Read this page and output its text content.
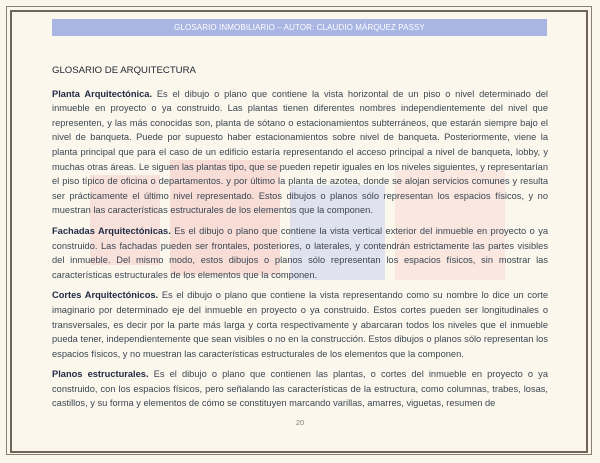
GLOSARIO INMOBILIARIO – AUTOR: CLAUDIO MÁRQUEZ PASSY
GLOSARIO DE ARQUITECTURA

Planta Arquitectónica. Es el dibujo o plano que contiene la vista horizontal de un piso o nivel determinado del inmueble en proyecto o ya construido. Las plantas tienen diferentes nombres independientemente del nivel que representen, y las más conocidas son, planta de sótano o estacionamientos subterráneos, que estarán siempre bajo el nivel de banqueta. Puede por supuesto haber estacionamientos sobre nivel de banqueta. Posteriormente, viene la planta principal que para el caso de un edificio estaría representando el acceso principal a nivel de banqueta, lobby, y muchas otras áreas. Le siguen las plantas tipo, que se pueden repetir iguales en los niveles siguientes, y representarían el piso típico de oficina o departamentos. y por último la planta de azotea, donde se alojan servicios comunes y resulta ser prácticamente el último nivel representado. Estos dibujos o planos sólo representan los espacios físicos, y no muestran las características estructurales de los elementos que la componen.

Fachadas Arquitectónicas. Es el dibujo o plano que contiene la vista vertical exterior del inmueble en proyecto o ya construido. Las fachadas pueden ser frontales, posteriores, o laterales, y contendrán estrictamente las partes visibles del inmueble. Del mismo modo, estos dibujos o planos sólo representan los espacios físicos, sin mostrar las características estructurales de los elementos que la componen.

Cortes Arquitectónicos. Es el dibujo o plano que contiene la vista representando como su nombre lo dice un corte imaginario por determinado eje del inmueble en proyecto o ya construido. Estos cortes pueden ser longitudinales o transversales, es decir por la parte más larga y corta respectivamente y abarcaran todos los niveles que el inmueble pueda tener, independientemente que sean visibles o no en la construcción. Estos dibujos o planos sólo representan los espacios físicos, y no muestran las características estructurales de los elementos que la componen.

Planos estructurales. Es el dibujo o plano que contienen las plantas, o cortes del inmueble en proyecto o ya construido, con los espacios físicos, pero señalando las características de la estructura, como columnas, trabes, losas, castillos, y su forma y elementos de cómo se constituyen marcando varillas, amarres, viguetas, resumen de

20
